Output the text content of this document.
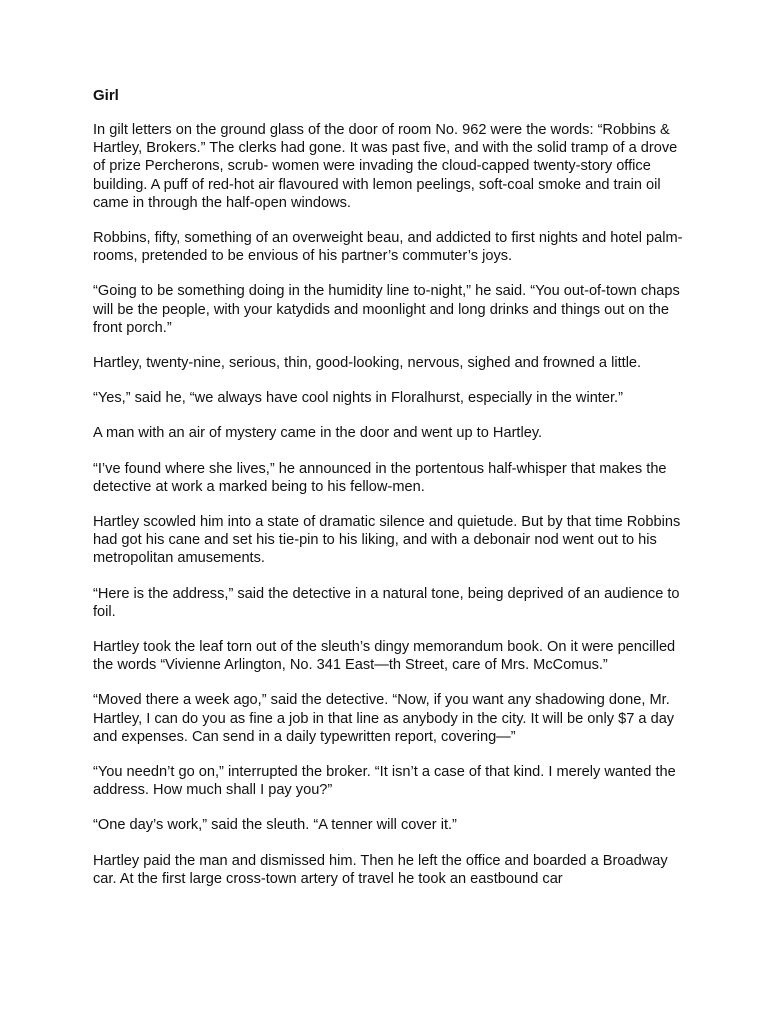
Girl

In gilt letters on the ground glass of the door of room No. 962 were the words: “Robbins & Hartley, Brokers.” The clerks had gone. It was past five, and with the solid tramp of a drove of prize Percherons, scrub- women were invading the cloud-capped twenty-story office building. A puff of red-hot air flavoured with lemon peelings, soft-coal smoke and train oil came in through the half-open windows.

Robbins, fifty, something of an overweight beau, and addicted to first nights and hotel palm-rooms, pretended to be envious of his partner’s commuter’s joys.

“Going to be something doing in the humidity line to-night,” he said. “You out-of-town chaps will be the people, with your katydids and moonlight and long drinks and things out on the front porch.”

Hartley, twenty-nine, serious, thin, good-looking, nervous, sighed and frowned a little.

“Yes,” said he, “we always have cool nights in Floralhurst, especially in the winter.”

A man with an air of mystery came in the door and went up to Hartley.

“I’ve found where she lives,” he announced in the portentous half-whisper that makes the detective at work a marked being to his fellow-men.

Hartley scowled him into a state of dramatic silence and quietude. But by that time Robbins had got his cane and set his tie-pin to his liking, and with a debonair nod went out to his metropolitan amusements.

“Here is the address,” said the detective in a natural tone, being deprived of an audience to foil.

Hartley took the leaf torn out of the sleuth’s dingy memorandum book. On it were pencilled the words “Vivienne Arlington, No. 341 East—th Street, care of Mrs. McComus.”

“Moved there a week ago,” said the detective. “Now, if you want any shadowing done, Mr. Hartley, I can do you as fine a job in that line as anybody in the city. It will be only $7 a day and expenses. Can send in a daily typewritten report, covering—”

“You needn’t go on,” interrupted the broker. “It isn’t a case of that kind. I merely wanted the address. How much shall I pay you?”

“One day’s work,” said the sleuth. “A tenner will cover it.”

Hartley paid the man and dismissed him. Then he left the office and boarded a Broadway car. At the first large cross-town artery of travel he took an eastbound car
